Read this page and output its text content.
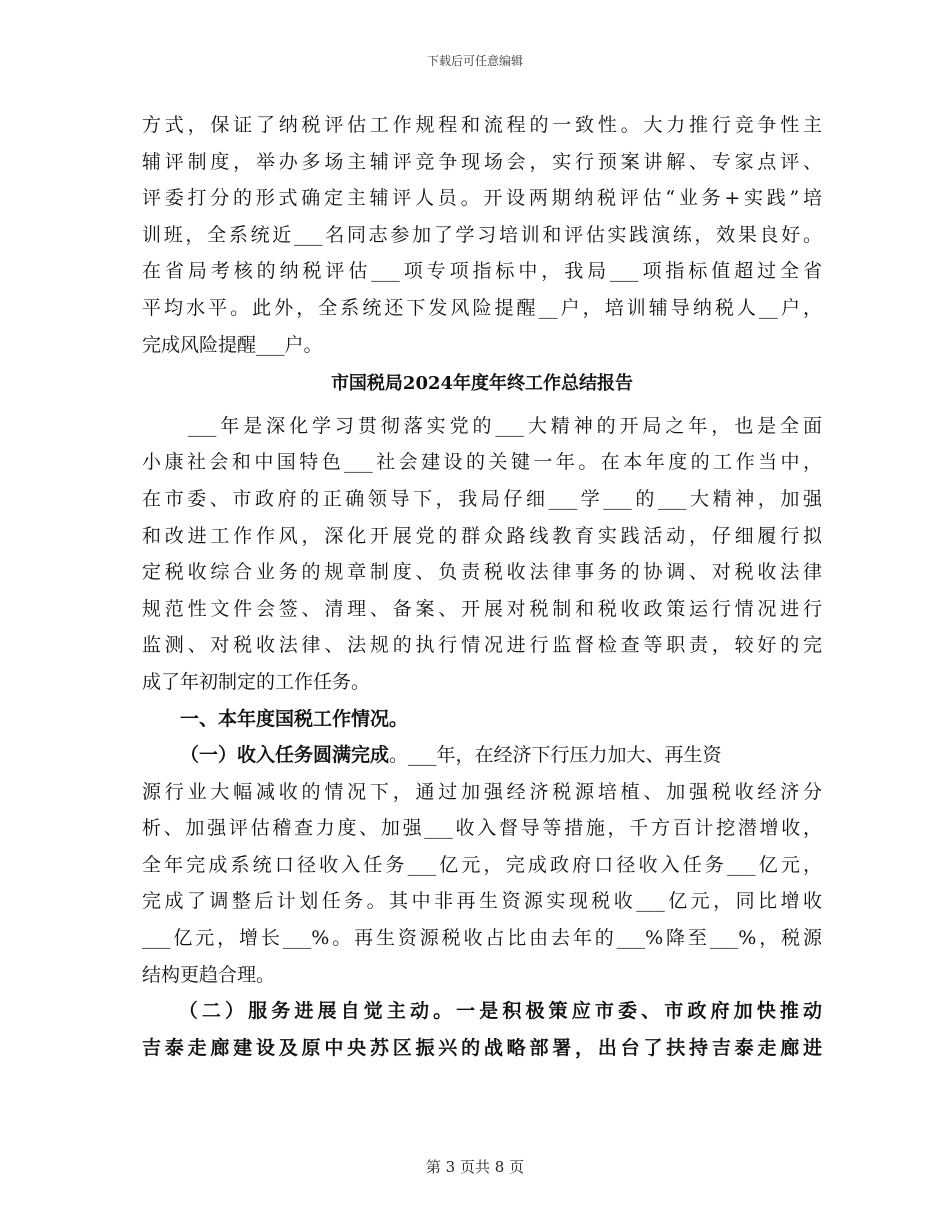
下载后可任意编辑
方式，保证了纳税评估工作规程和流程的一致性。大力推行竞争性主
辅评制度，举办多场主辅评竞争现场会，实行预案讲解、专家点评、
评委打分的形式确定主辅评人员。开设两期纳税评估“业务+实践”培
训班，全系统近___名同志参加了学习培训和评估实践演练，效果良好。
在省局考核的纳税评估___项专项指标中，我局___项指标值超过全省
平均水平。此外，全系统还下发风险提醒__户，培训辅导纳税人__户，
完成风险提醒___户。
市国税局2024年度年终工作总结报告
　　___年是深化学习贯彻落实党的___大精神的开局之年，也是全面
小康社会和中国特色___社会建设的关键一年。在本年度的工作当中，
在市委、市政府的正确领导下，我局仔细___学___的___大精神，加强
和改进工作作风，深化开展党的群众路线教育实践活动，仔细履行拟
定税收综合业务的规章制度、负责税收法律事务的协调、对税收法律
规范性文件会签、清理、备案、开展对税制和税收政策运行情况进行
监测、对税收法律、法规的执行情况进行监督检查等职责，较好的完
成了年初制定的工作任务。
一、本年度国税工作情况。
（一）收入任务圆满完成。___年，在经济下行压力加大、再生资
源行业大幅减收的情况下，通过加强经济税源培植、加强税收经济分
析、加强评估稽查力度、加强___收入督导等措施，千方百计挖潜增收，
全年完成系统口径收入任务___亿元，完成政府口径收入任务___亿元，
完成了调整后计划任务。其中非再生资源实现税收___亿元，同比增收
___亿元，增长___%。再生资源税收占比由去年的___%降至___%，税源
结构更趋合理。
　　（二）服务进展自觉主动。一是积极策应市委、市政府加快推动
吉泰走廊建设及原中央苏区振兴的战略部署，出台了扶持吉泰走廊进
第 3 页共 8 页
